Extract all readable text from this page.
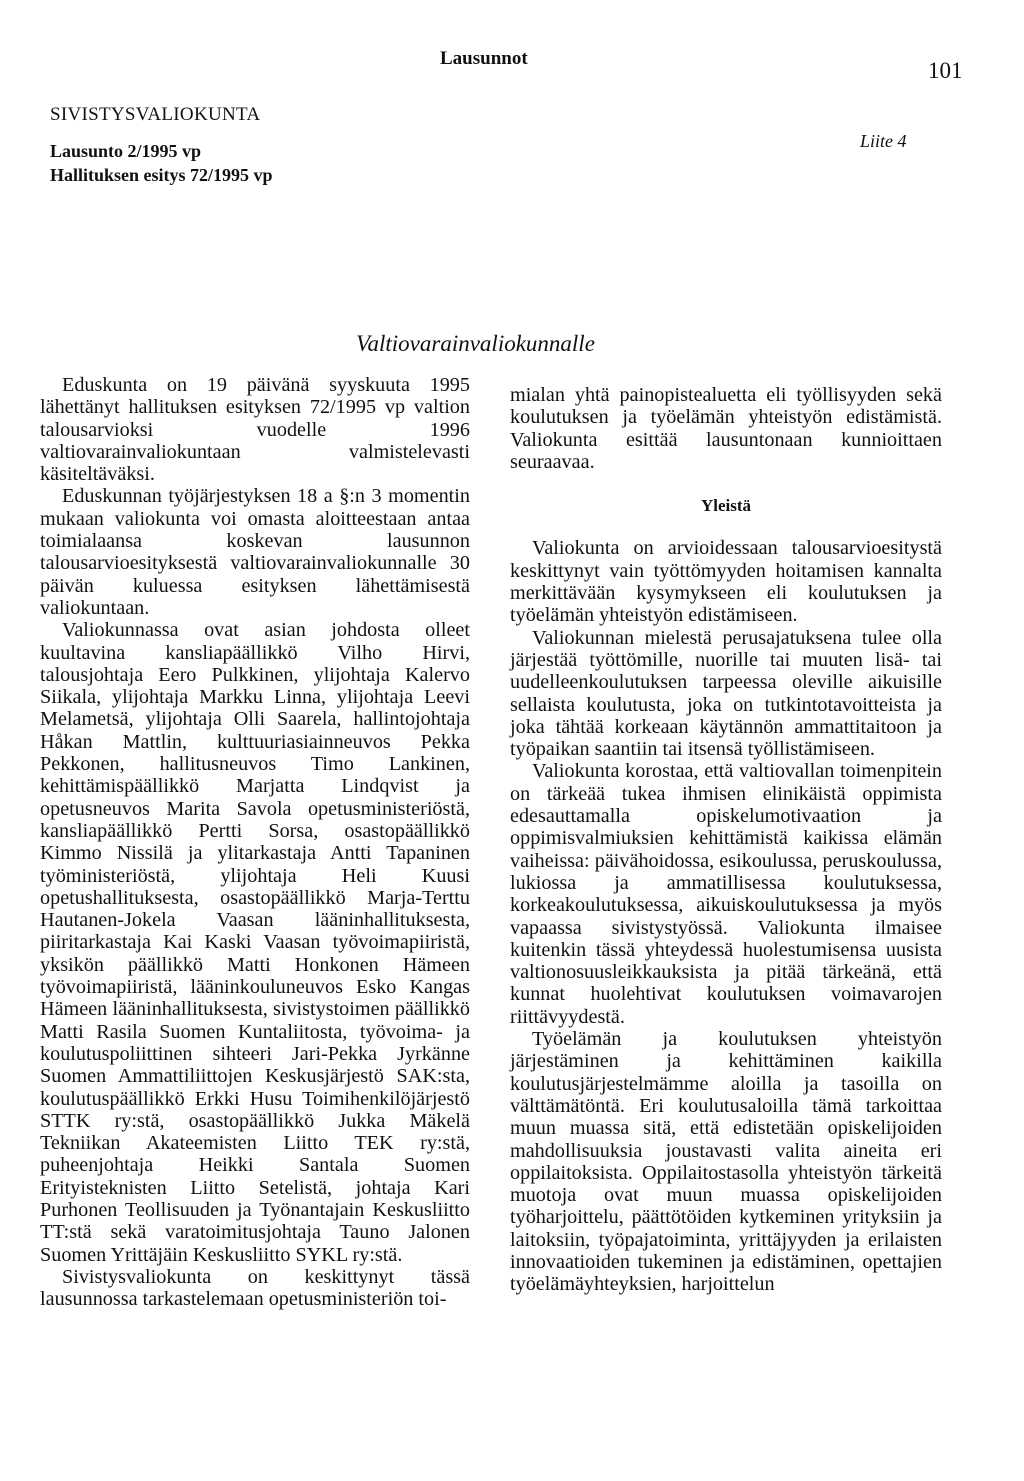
Lausunnot	101
SIVISTYSVALIOKUNTA
Lausunto 2/1995 vp
Hallituksen esitys 72/1995 vp
Liite 4
Valtiovarainvaliokunnalle

Eduskunta on 19 päivänä syyskuuta 1995 lähettänyt hallituksen esityksen 72/1995 vp valtion talousarvioksi vuodelle 1996 valtiovarainvaliokuntaan valmistelevasti käsiteltäväksi.

Eduskunnan työjärjestyksen 18 a §:n 3 momentin mukaan valiokunta voi omasta aloitteestaan antaa toimialaansa koskevan lausunnon talousarvioesityksestä valtiovarainvaliokunnalle 30 päivän kuluessa esityksen lähettämisestä valiokuntaan.

Valiokunnassa ovat asian johdosta olleet kuultavina kansliapäällikkö Vilho Hirvi, talousjohtaja Eero Pulkkinen, ylijohtaja Kalervo Siikala, ylijohtaja Markku Linna, ylijohtaja Leevi Melametsä, ylijohtaja Olli Saarela, hallintojohtaja Håkan Mattlin, kulttuuriasiainneuvos Pekka Pekkonen, hallitusneuvos Timo Lankinen, kehittämispäällikkö Marjatta Lindqvist ja opetusneuvos Marita Savola opetusministeriöstä, kansliapäällikkö Pertti Sorsa, osastopäällikkö Kimmo Nissilä ja ylitarkastaja Antti Tapaninen työministeriöstä, ylijohtaja Heli Kuusi opetushallituksesta, osastopäällikkö Marja-Terttu Hautanen-Jokela Vaasan lääninhallituksesta, piiritarkastaja Kai Kaski Vaasan työvoimapiiristä, yksikön päällikkö Matti Honkonen Hämeen työvoimapiiristä, lääninkouluneuvos Esko Kangas Hämeen lääninhallituksesta, sivistystoimen päällikkö Matti Rasila Suomen Kuntaliitosta, työvoima- ja koulutuspoliittinen sihteeri Jari-Pekka Jyrkänne Suomen Ammattiliittojen Keskusjärjestö SAK:sta, koulutuspäällikkö Erkki Husu Toimihenkilöjärjestö STTK ry:stä, osastopäällikkö Jukka Mäkelä Tekniikan Akateemisten Liitto TEK ry:stä, puheenjohtaja Heikki Santala Suomen Erityisteknisten Liitto Setelistä, johtaja Kari Purhonen Teollisuuden ja Työnantajain Keskusliitto TT:stä sekä varatoimitusjohtaja Tauno Jalonen Suomen Yrittäjäin Keskusliitto SYKL ry:stä.

Sivistysvaliokunta on keskittynyt tässä lausunnossa tarkastelemaan opetusministeriön toi-

mialan yhtä painopistealuetta eli työllisyyden sekä koulutuksen ja työelämän yhteistyön edistämistä. Valiokunta esittää lausuntonaan kunnioittaen seuraavaa.

Yleistä

Valiokunta on arvioidessaan talousarvioesitystä keskittynyt vain työttömyyden hoitamisen kannalta merkittävään kysymykseen eli koulutuksen ja työelämän yhteistyön edistämiseen.

Valiokunnan mielestä perusajatuksena tulee olla järjestää työttömille, nuorille tai muuten lisä- tai uudelleenkoulutuksen tarpeessa oleville aikuisille sellaista koulutusta, joka on tutkintotavoitteista ja joka tähtää korkeaan käytännön ammattitaitoon ja työpaikan saantiin tai itsensä työllistämiseen.

Valiokunta korostaa, että valtiovallan toimenpitein on tärkeää tukea ihmisen elinikäistä oppimista edesauttamalla opiskelumotivaation ja oppimisvalmiuksien kehittämistä kaikissa elämän vaiheissa: päivähoidossa, esikoulussa, peruskoulussa, lukiossa ja ammatillisessa koulutuksessa, korkeakoulutuksessa, aikuiskoulutuksessa ja myös vapaassa sivistystyössä. Valiokunta ilmaisee kuitenkin tässä yhteydessä huolestumisensa uusista valtionosuusleikkauksista ja pitää tärkeänä, että kunnat huolehtivat koulutuksen voimavarojen riittävyydestä.

Työelämän ja koulutuksen yhteistyön järjestäminen ja kehittäminen kaikilla koulutusjärjestelmämme aloilla ja tasoilla on välttämätöntä. Eri koulutusaloilla tämä tarkoittaa muun muassa sitä, että edistetään opiskelijoiden mahdollisuuksia joustavasti valita aineita eri oppilaitoksista. Oppilaitostasolla yhteistyön tärkeitä muotoja ovat muun muassa opiskelijoiden työharjoittelu, päättötöiden kytkeminen yrityksiin ja laitoksiin, työpajatoiminta, yrittäjyyden ja erilaisten innovaatioiden tukeminen ja edistäminen, opettajien työelämäyhteyksien, harjoittelun
